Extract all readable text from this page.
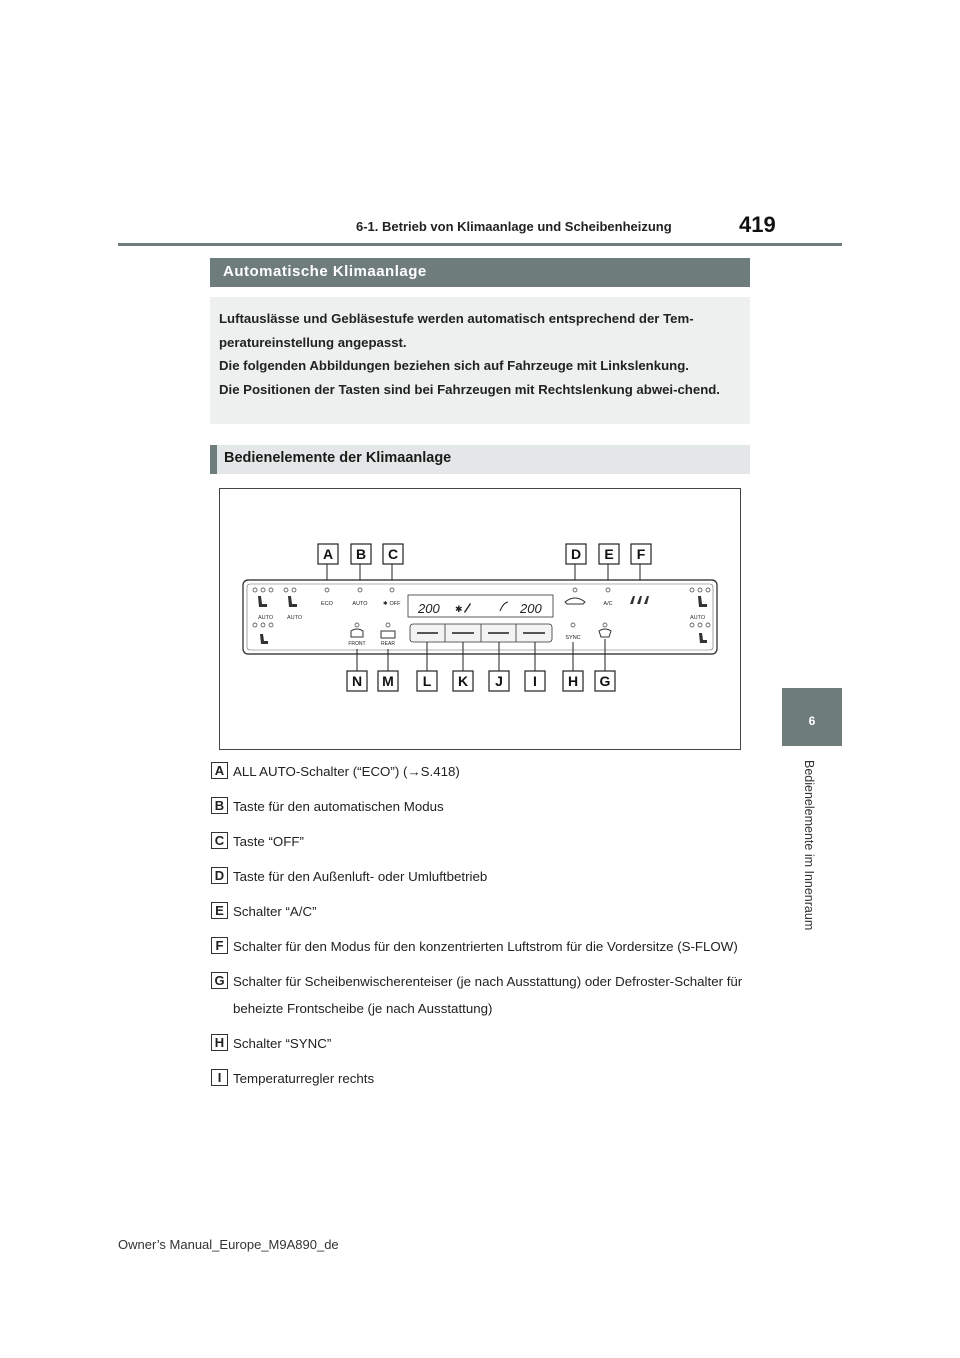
6-1. Betrieb von Klimaanlage und Scheibenheizung	419
6
Bedienelemente im Innenraum
Automatische Klimaanlage

Luftauslässe und Gebläsestufe werden automatisch entsprechend der Tem-peratureinstellung angepasst.

Die folgenden Abbildungen beziehen sich auf Fahrzeuge mit Linkslenkung.

Die Positionen der Tasten sind bei Fahrzeugen mit Rechtslenkung abwei-chend.

Bedienelemente der Klimaanlage
A B C	D E F
AUTO	AUTO
ECO	AUTO	OFF
✱ 200	200
✱	A/C
AUTO
FRONT	REAR
SYNC
N M L K J I H G
A ALL AUTO-Schalter (“ECO”) (→S.418)
B Taste für den automatischen Modus
C Taste “OFF”
D Taste für den Außenluft- oder Umluftbetrieb
E Schalter “A/C”
F Schalter für den Modus für den konzentrierten Luftstrom für die Vordersitze (S-FLOW)
G Schalter für Scheibenwischerenteiser (je nach Ausstattung) oder Defroster-Schalter für beheizte Frontscheibe (je nach Ausstattung)
H Schalter “SYNC”
I Temperaturregler rechts
Owner’s Manual_Europe_M9A890_de
